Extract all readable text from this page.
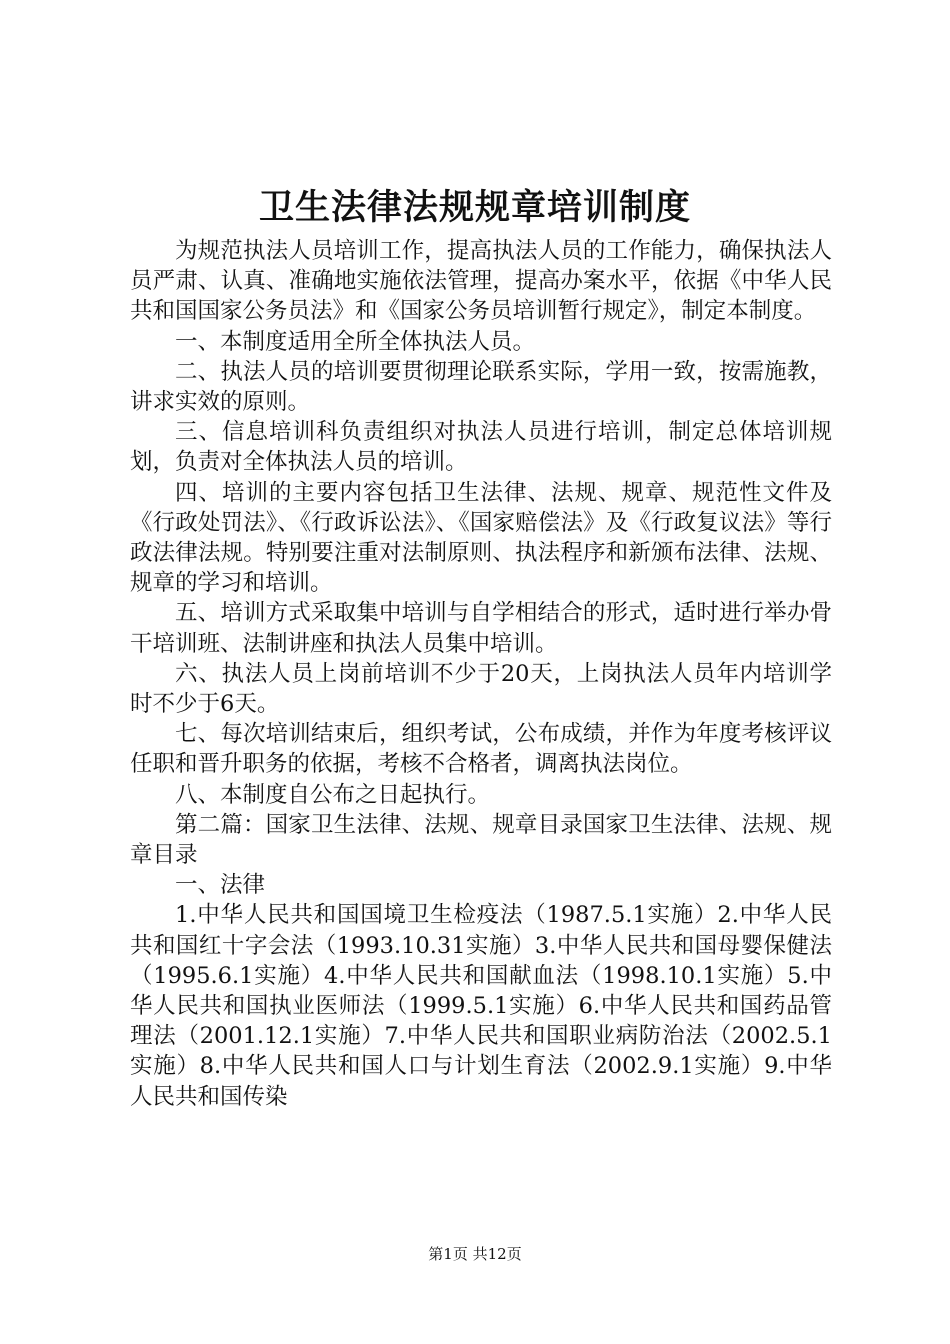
卫生法律法规规章培训制度

为规范执法人员培训工作，提高执法人员的工作能力，确保执法人员严肃、认真、准确地实施依法管理，提高办案水平，依据《中华人民共和国国家公务员法》和《国家公务员培训暂行规定》，制定本制度。

一、本制度适用全所全体执法人员。

二、执法人员的培训要贯彻理论联系实际，学用一致，按需施教，讲求实效的原则。

三、信息培训科负责组织对执法人员进行培训，制定总体培训规划，负责对全体执法人员的培训。

四、培训的主要内容包括卫生法律、法规、规章、规范性文件及《行政处罚法》、《行政诉讼法》、《国家赔偿法》及《行政复议法》等行政法律法规。特别要注重对法制原则、执法程序和新颁布法律、法规、规章的学习和培训。

五、培训方式采取集中培训与自学相结合的形式，适时进行举办骨干培训班、法制讲座和执法人员集中培训。

六、执法人员上岗前培训不少于20天，上岗执法人员年内培训学时不少于6天。

七、每次培训结束后，组织考试，公布成绩，并作为年度考核评议任职和晋升职务的依据，考核不合格者，调离执法岗位。

八、本制度自公布之日起执行。

第二篇：国家卫生法律、法规、规章目录国家卫生法律、法规、规章目录

一、法律

1.中华人民共和国国境卫生检疫法（1987.5.1实施）2.中华人民共和国红十字会法（1993.10.31实施）3.中华人民共和国母婴保健法（1995.6.1实施）4.中华人民共和国献血法（1998.10.1实施）5.中华人民共和国执业医师法（1999.5.1实施）6.中华人民共和国药品管理法（2001.12.1实施）7.中华人民共和国职业病防治法（2002.5.1实施）8.中华人民共和国人口与计划生育法（2002.9.1实施）9.中华人民共和国传染

第1页 共12页
